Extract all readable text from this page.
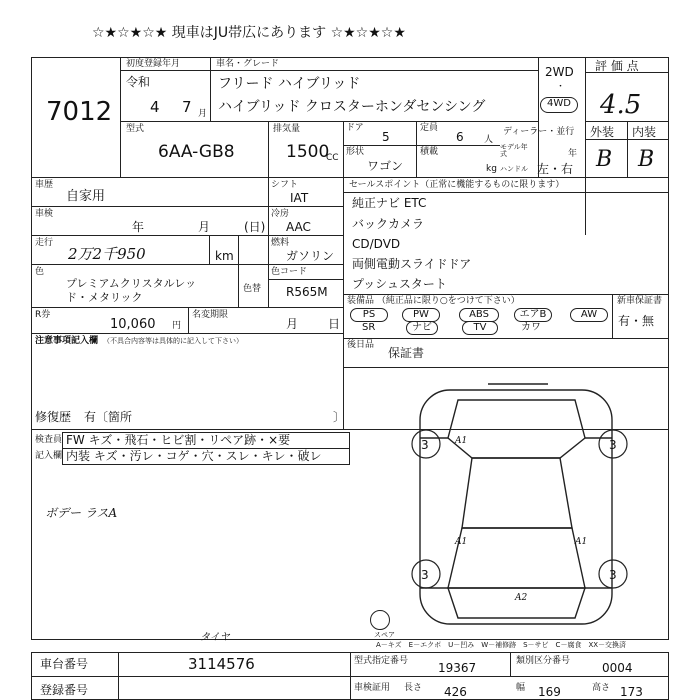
☆★☆★☆★ 現車はJU帯広にあります ☆★☆★☆★
7012
初度登録年月
令和
4 7 月
車名・グレード
フリード ハイブリッド
ハイブリッド クロスターホンダセンシング
2WD
・
4WD
評 価 点
4.5
型式
6AA-GB8
排気量
1500
CC
ドア
5
定員
6 人
ディーラー・並行
モデル年式	年
形状
ワゴン
積載
kg ハンドル 左・右
外装 内装
B B
車歴
自家用
シフト
IAT
車検
年	月	(日)
冷房
AAC
走行
2万2千950	km
燃料
ガソリン
色
プレミアムクリスタルレッ
ド・メタリック
色替
色コード
R565M
R券
10,060 円
名変期限
月 日
注意事項記入欄 （不具合内容等は具体的に記入して下さい）
修復歴 有〔箇所	〕
セールスポイント（正常に機能するものに限ります）
純正ナビ ETC
バックカメラ
CD/DVD
両側電動スライドドア
プッシュスタート
装備品 （純正品に限り○をつけて下さい）	新車保証書
有・無
PS	PW	ABS	エアB	AW
SR	ナビ	TV	カワ
後日品
保証書
検査員
記入欄
FW キズ・飛石・ヒビ割・リペア跡・×要
内装 キズ・汚レ・コゲ・穴・スレ・キレ・破レ
ボデー ラスA
タイヤ
3	A1	3
3
A1	A1
3
A2
スペア
A－キズ　E－エクボ　U－凹み　W－補修跡　S－サビ　C－腐食　XX－交換済
車台番号	3114576
登録番号
型式指定番号 19367	類別区分番号	0004
車検証用 長さ 426	幅 169	高さ 173
